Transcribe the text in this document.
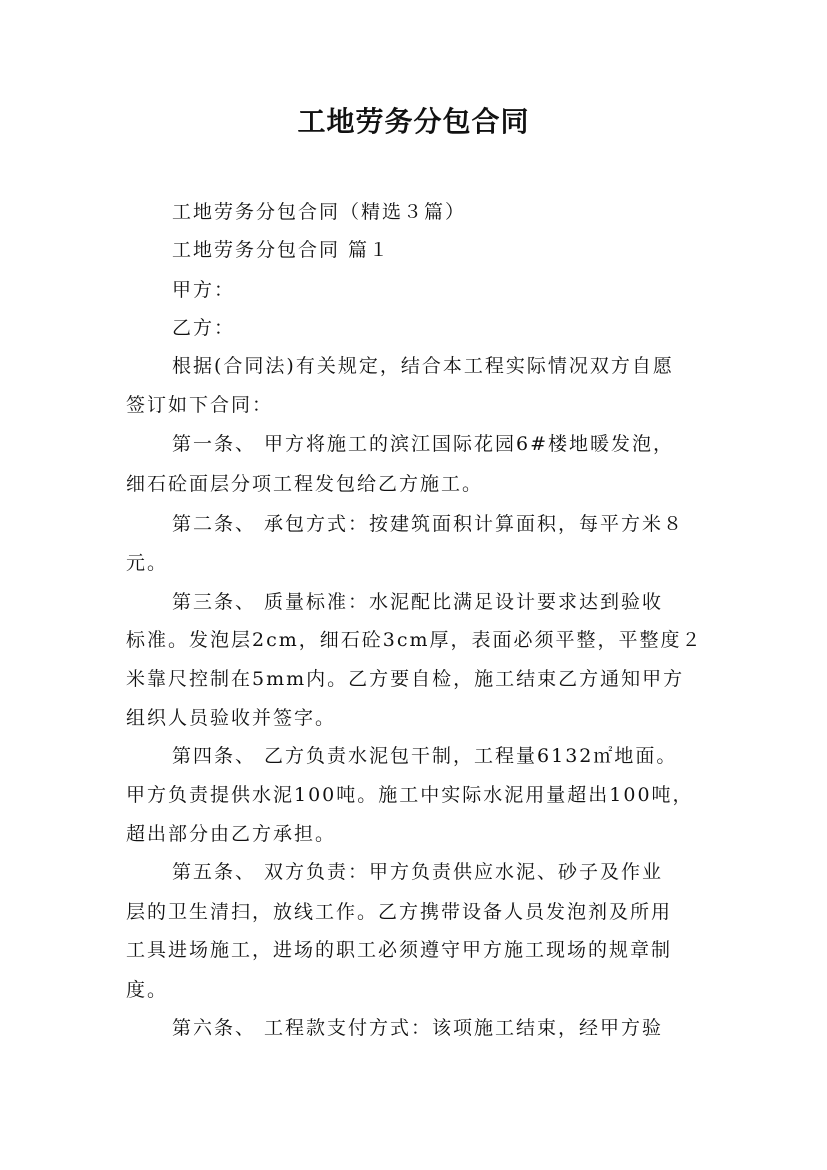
工地劳务分包合同
工地劳务分包合同（精选３篇）
工地劳务分包合同 篇１
甲方：
乙方：
根据(合同法)有关规定，结合本工程实际情况双方自愿
签订如下合同：
第一条、 甲方将施工的滨江国际花园6#楼地暖发泡，
细石砼面层分项工程发包给乙方施工。
第二条、 承包方式：按建筑面积计算面积，每平方米８
元。
第三条、 质量标准：水泥配比满足设计要求达到验收
标准。发泡层2cm，细石砼3cm厚，表面必须平整，平整度２
米靠尺控制在5mm内。乙方要自检，施工结束乙方通知甲方
组织人员验收并签字。
第四条、 乙方负责水泥包干制，工程量6132㎡地面。
甲方负责提供水泥100吨。施工中实际水泥用量超出100吨，
超出部分由乙方承担。
第五条、 双方负责：甲方负责供应水泥、砂子及作业
层的卫生清扫，放线工作。乙方携带设备人员发泡剂及所用
工具进场施工，进场的职工必须遵守甲方施工现场的规章制
度。
第六条、 工程款支付方式：该项施工结束，经甲方验
